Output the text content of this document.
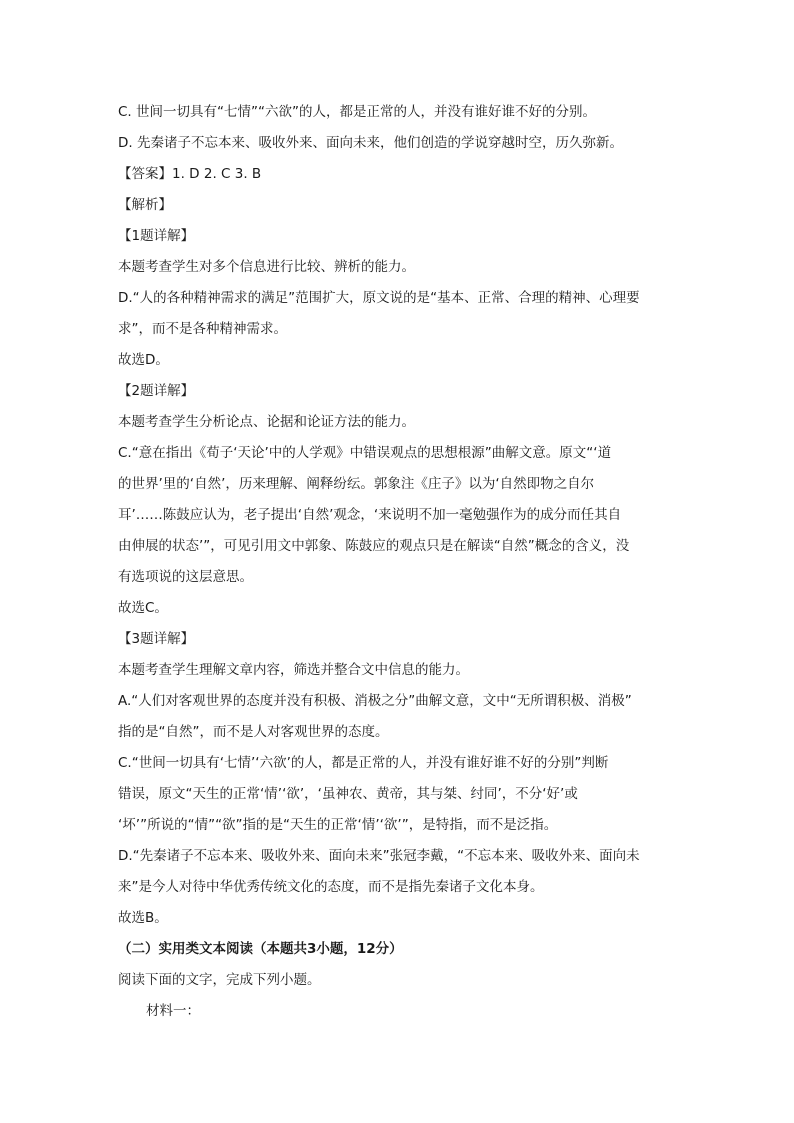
C. 世间一切具有“七情”“六欲”的人，都是正常的人，并没有谁好谁不好的分别。
D. 先秦诸子不忘本来、吸收外来、面向未来，他们创造的学说穿越时空，历久弥新。
【答案】1. D 2. C 3. B
【解析】
【1题详解】
本题考查学生对多个信息进行比较、辨析的能力。
D.“人的各种精神需求的满足”范围扩大，原文说的是“基本、正常、合理的精神、心理要
求”，而不是各种精神需求。
故选D。
【2题详解】
本题考查学生分析论点、论据和论证方法的能力。
C.“意在指出《荀子‘天论’中的人学观》中错误观点的思想根源”曲解文意。原文“‘道
的世界’里的‘自然’，历来理解、阐释纷纭。郭象注《庄子》以为‘自然即物之自尔
耳’……陈鼓应认为，老子提出‘自然’观念，‘来说明不加一毫勉强作为的成分而任其自
由伸展的状态’”，可见引用文中郭象、陈鼓应的观点只是在解读“自然”概念的含义，没
有选项说的这层意思。
故选C。
【3题详解】
本题考查学生理解文章内容，筛选并整合文中信息的能力。
A.“人们对客观世界的态度并没有积极、消极之分”曲解文意，文中“无所谓积极、消极”
指的是“自然”，而不是人对客观世界的态度。
C.“世间一切具有‘七情’‘六欲’的人，都是正常的人，并没有谁好谁不好的分别”判断
错误，原文“天生的正常‘情’‘欲’，‘虽神农、黄帝，其与桀、纣同’，不分‘好’或
‘坏’”所说的“情”“欲”指的是“天生的正常‘情’‘欲’”，是特指，而不是泛指。
D.“先秦诸子不忘本来、吸收外来、面向未来”张冠李戴，“不忘本来、吸收外来、面向未
来”是今人对待中华优秀传统文化的态度，而不是指先秦诸子文化本身。
故选B。
（二）实用类文本阅读（本题共3小题，12分）
阅读下面的文字，完成下列小题。
材料一：
